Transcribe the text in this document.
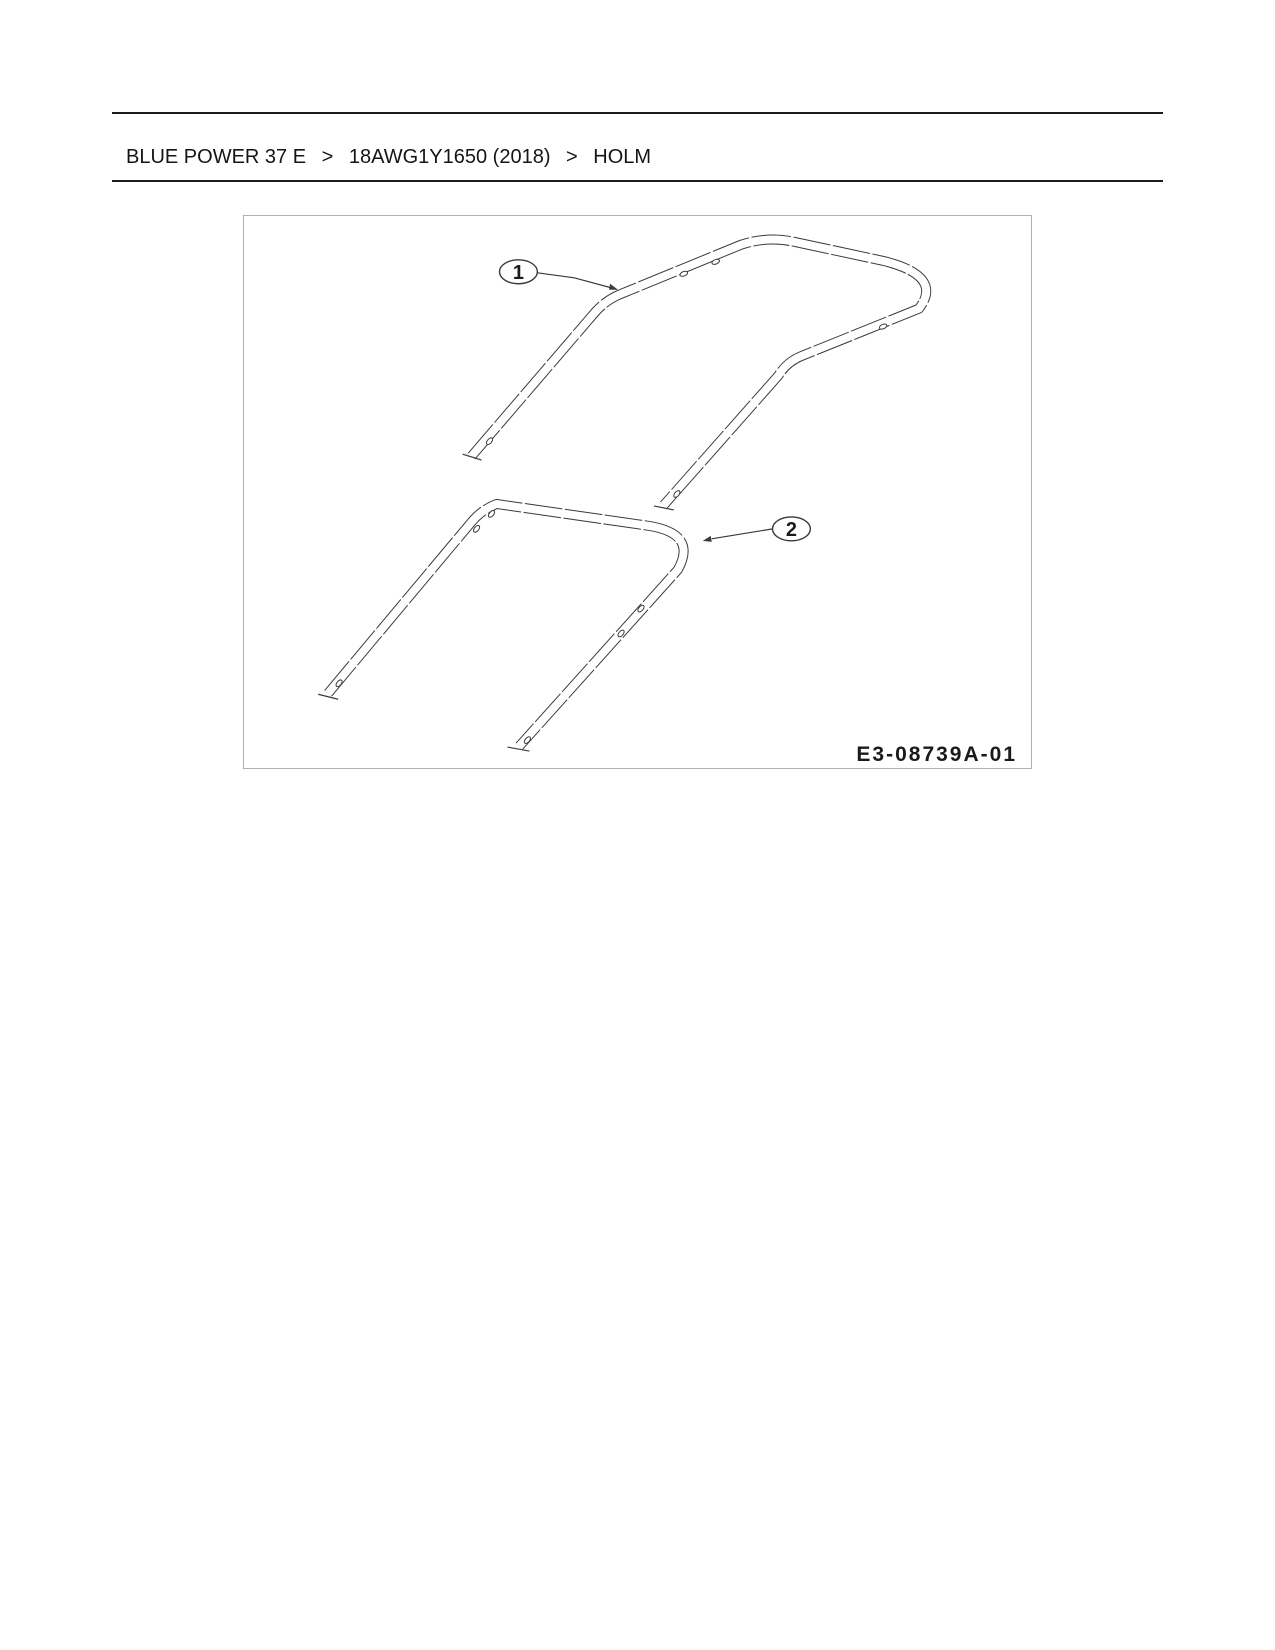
BLUE POWER 37 E > 18AWG1Y1650 (2018) > HOLM
1
2
E3-08739A-01
